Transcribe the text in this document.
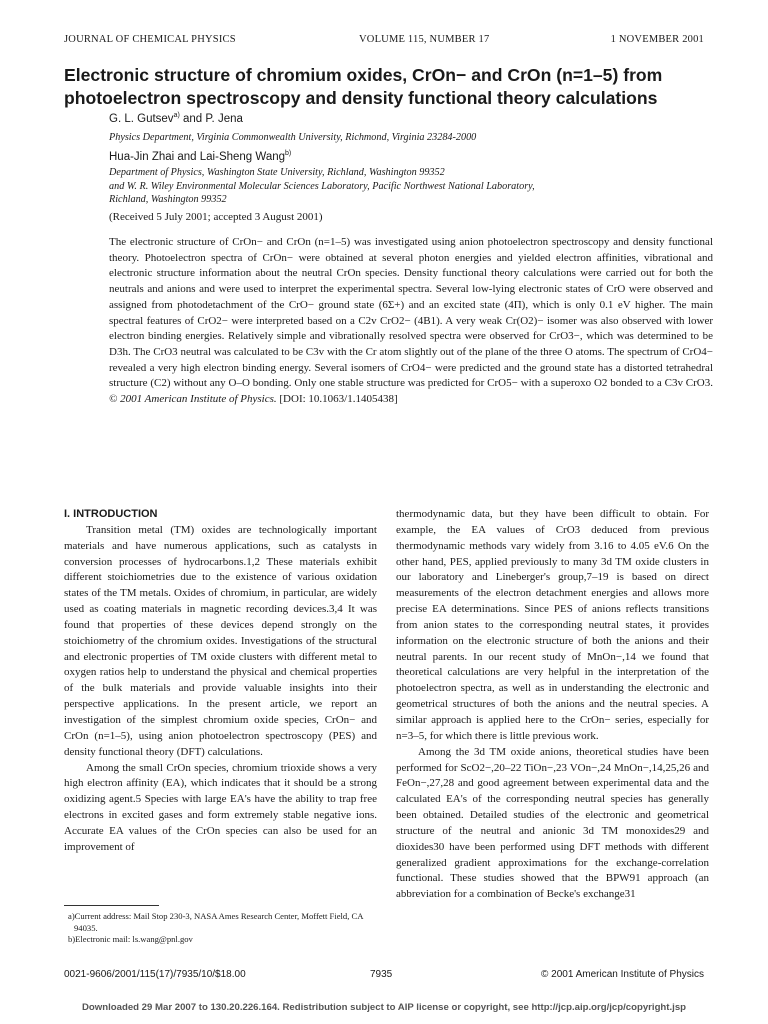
JOURNAL OF CHEMICAL PHYSICS	VOLUME 115, NUMBER 17	1 NOVEMBER 2001
Electronic structure of chromium oxides, CrOn− and CrOn (n=1–5) from
photoelectron spectroscopy and density functional theory calculations
G. L. Gutsev$^{a)}$ and P. Jena
Physics Department, Virginia Commonwealth University, Richmond, Virginia 23284-2000
Hua-Jin Zhai and Lai-Sheng Wang$^{b)}$
Department of Physics, Washington State University, Richland, Washington 99352
and W. R. Wiley Environmental Molecular Sciences Laboratory, Pacific Northwest National Laboratory,
Richland, Washington 99352
(Received 5 July 2001; accepted 3 August 2001)
The electronic structure of CrOn− and CrOn (n=1–5) was investigated using anion photoelectron spectroscopy and density functional theory. Photoelectron spectra of CrOn− were obtained at several photon energies and yielded electron affinities, vibrational and electronic structure information about the neutral CrOn species. Density functional theory calculations were carried out for both the neutrals and anions and were used to interpret the experimental spectra. Several low-lying electronic states of CrO were observed and assigned from photodetachment of the CrO− ground state (6Σ+) and an excited state (4Π), which is only 0.1 eV higher. The main spectral features of CrO2− were interpreted based on a C2v CrO2− (4B1). A very weak Cr(O2)− isomer was also observed with lower electron binding energies. Relatively simple and vibrationally resolved spectra were observed for CrO3−, which was determined to be D3h. The CrO3 neutral was calculated to be C3v with the Cr atom slightly out of the plane of the three O atoms. The spectrum of CrO4− revealed a very high electron binding energy. Several isomers of CrO4− were predicted and the ground state has a distorted tetrahedral structure (C2) without any O–O bonding. Only one stable structure was predicted for CrO5− with a superoxo O2 bonded to a C3v CrO3. © 2001 American Institute of Physics. [DOI: 10.1063/1.1405438]

I. INTRODUCTION

Transition metal (TM) oxides are technologically important materials and have numerous applications, such as catalysts in conversion processes of hydrocarbons.1,2 These materials exhibit different stoichiometries due to the existence of various oxidation states of the TM metals. Oxides of chromium, in particular, are widely used as coating materials in magnetic recording devices.3,4 It was found that properties of these devices depend strongly on the stoichiometry of the chromium oxides. Investigations of the structural and electronic properties of TM oxide clusters with different metal to oxygen ratios help to understand the physical and chemical properties of the bulk materials and provide valuable insights into their perspective applications. In the present article, we report an investigation of the simplest chromium oxide species, CrOn− and CrOn (n=1–5), using anion photoelectron spectroscopy (PES) and density functional theory (DFT) calculations.

Among the small CrOn species, chromium trioxide shows a very high electron affinity (EA), which indicates that it should be a strong oxidizing agent.5 Species with large EA's have the ability to trap free electrons in excited gases and form extremely stable negative ions. Accurate EA values of the CrOn species can also be used for an improvement of

a)Current address: Mail Stop 230-3, NASA Ames Research Center, Moffett Field, CA 94035.
b)Electronic mail: ls.wang@pnl.gov

thermodynamic data, but they have been difficult to obtain. For example, the EA values of CrO3 deduced from previous thermodynamic methods vary widely from 3.16 to 4.05 eV.6 On the other hand, PES, applied previously to many 3d TM oxide clusters in our laboratory and Lineberger's group,7–19 is based on direct measurements of the electron detachment energies and allows more precise EA determinations. Since PES of anions reflects transitions from anion states to the corresponding neutral states, it provides information on the electronic structure of both the anions and their neutral parents. In our recent study of MnOn−,14 we found that theoretical calculations are very helpful in the interpretation of the photoelectron spectra, as well as in understanding the electronic and geometrical structures of both the anions and the neutral species. A similar approach is applied here to the CrOn− series, especially for n=3–5, for which there is little previous work.

Among the 3d TM oxide anions, theoretical studies have been performed for ScO2−,20–22 TiOn−,23 VOn−,24 MnOn−,14,25,26 and FeOn−,27,28 and good agreement between experimental data and the calculated EA's of the corresponding neutral species has generally been obtained. Detailed studies of the electronic and geometrical structure of the neutral and anionic 3d TM monoxides29 and dioxides30 have been performed using DFT methods with different generalized gradient approximations for the exchange-correlation functional. These studies showed that the BPW91 approach (an abbreviation for a combination of Becke's exchange31

0021-9606/2001/115(17)/7935/10/$18.00	7935	© 2001 American Institute of Physics
Downloaded 29 Mar 2007 to 130.20.226.164. Redistribution subject to AIP license or copyright, see http://jcp.aip.org/jcp/copyright.jsp
